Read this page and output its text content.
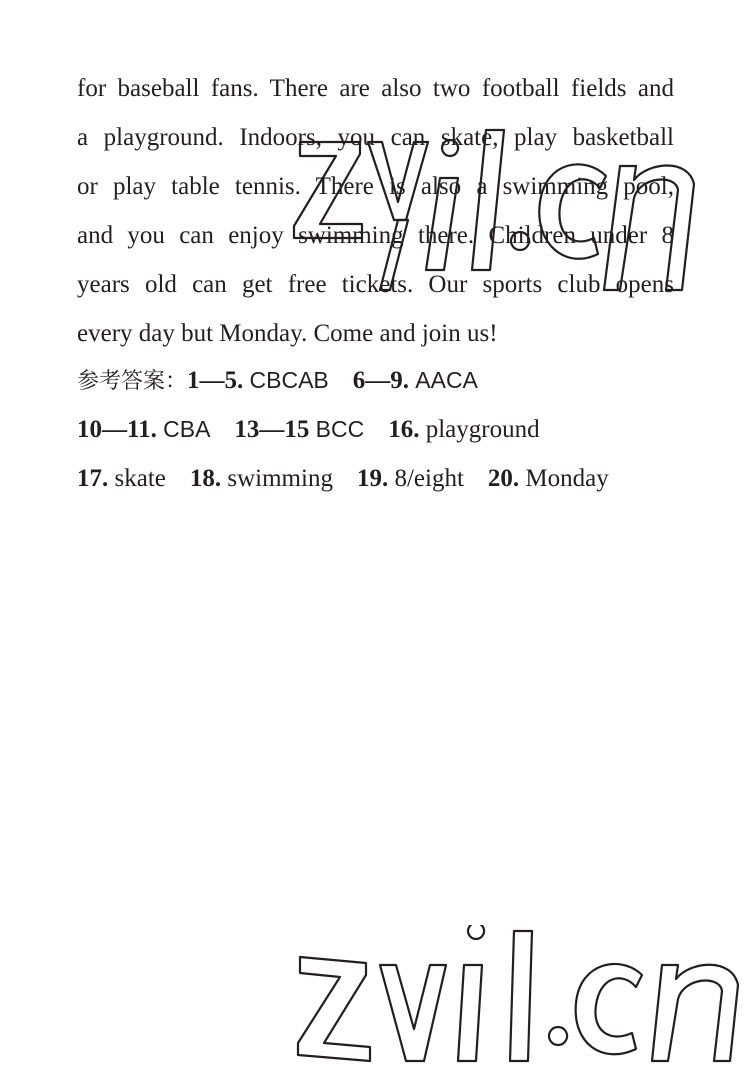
for baseball fans. There are also two football fields and
a playground. Indoors, you can skate, play basketball
or play table tennis. There is also a swimming pool,
and you can enjoy swimming there. Children under 8
years old can get free tickets. Our sports club opens
every day but Monday. Come and join us!
参考答案：1—5. CBCAB 6—9. AACA
10—11. CBA 13—15 BCC 16. playground
17. skate 18. swimming 19. 8/eight 20. Monday
